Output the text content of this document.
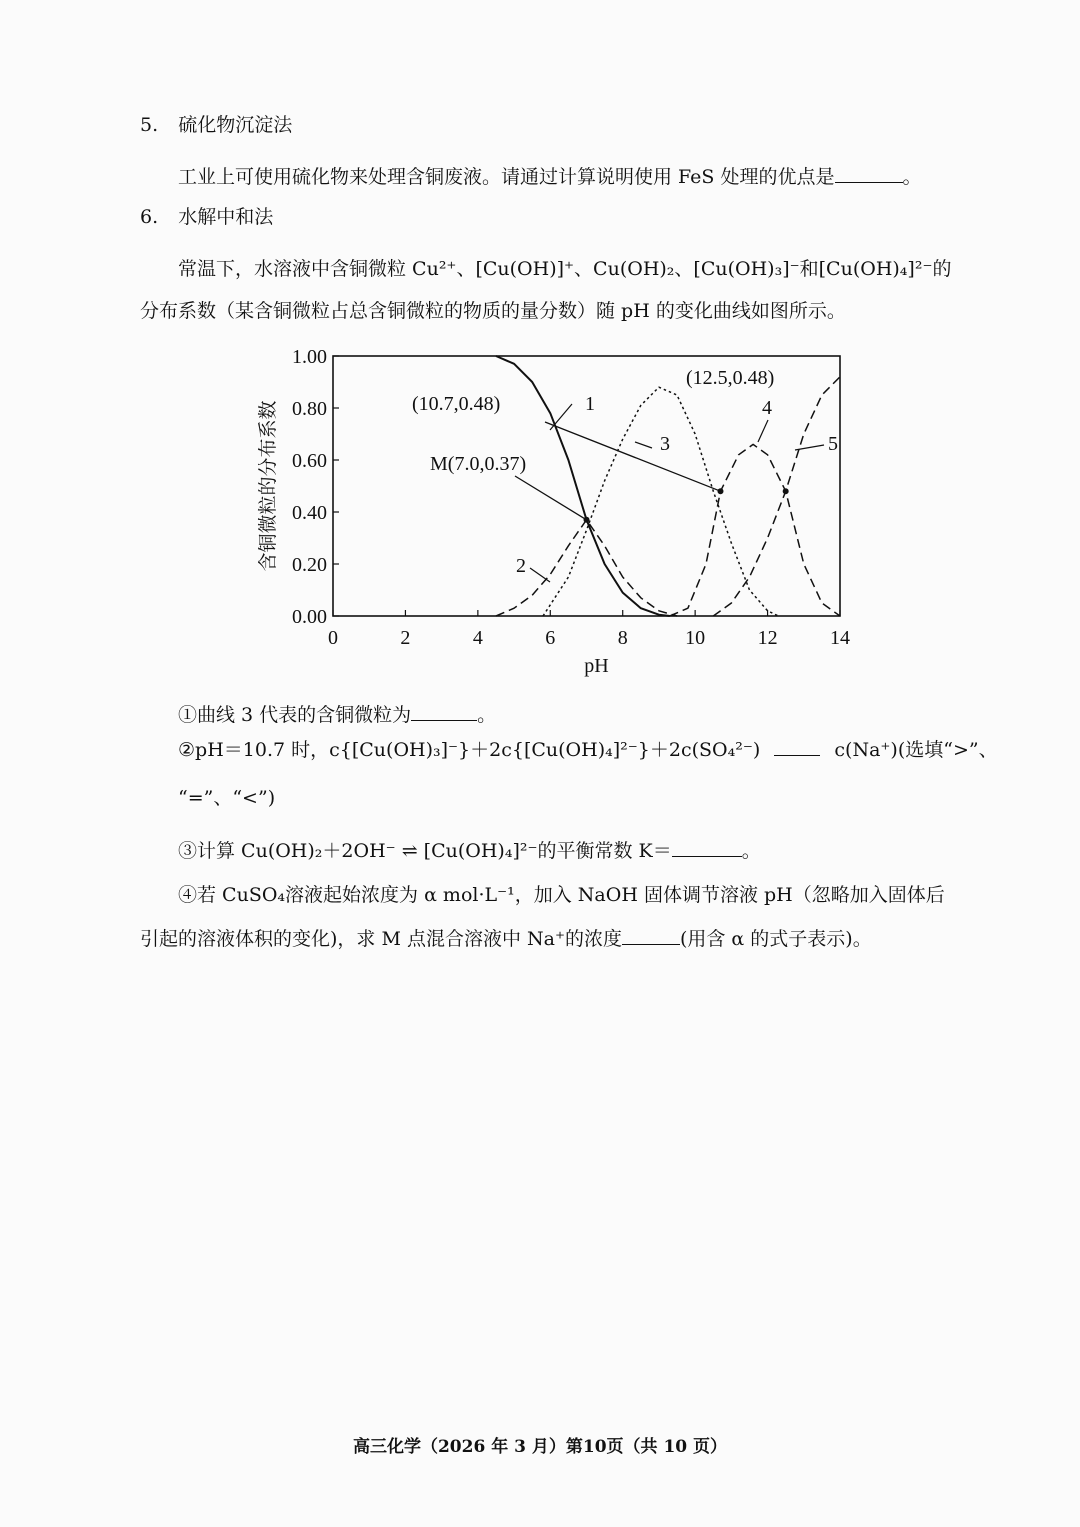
5. 硫化物沉淀法
工业上可使用硫化物来处理含铜废液。请通过计算说明使用 FeS 处理的优点是	。
6. 水解中和法
常温下，水溶液中含铜微粒 Cu²⁺、[Cu(OH)]⁺、Cu(OH)₂、[Cu(OH)₃]⁻和[Cu(OH)₄]²⁻的
分布系数（某含铜微粒占总含铜微粒的物质的量分数）随 pH 的变化曲线如图所示。
0	2	4	6	8	10	12	14
0.00
0.20
0.40
0.60
0.80
1.00
pH
含铜微粒的分布系数	1
2
3
4
5
(10.7,0.48)
(12.5,0.48)
M(7.0,0.37)
①曲线 3 代表的含铜微粒为	。
②pH＝10.7 时，c{[Cu(OH)₃]⁻}＋2c{[Cu(OH)₄]²⁻}＋2c(SO₄²⁻)	c(Na⁺)(选填“>”、
“=”、“<”)
③计算 Cu(OH)₂＋2OH⁻ ⇌ [Cu(OH)₄]²⁻的平衡常数 K＝	。
④若 CuSO₄溶液起始浓度为 α mol·L⁻¹，加入 NaOH 固体调节溶液 pH（忽略加入固体后
引起的溶液体积的变化)，求 M 点混合溶液中 Na⁺的浓度	(用含 α 的式子表示)。
高三化学（2026 年 3 月）第10页（共 10 页）
